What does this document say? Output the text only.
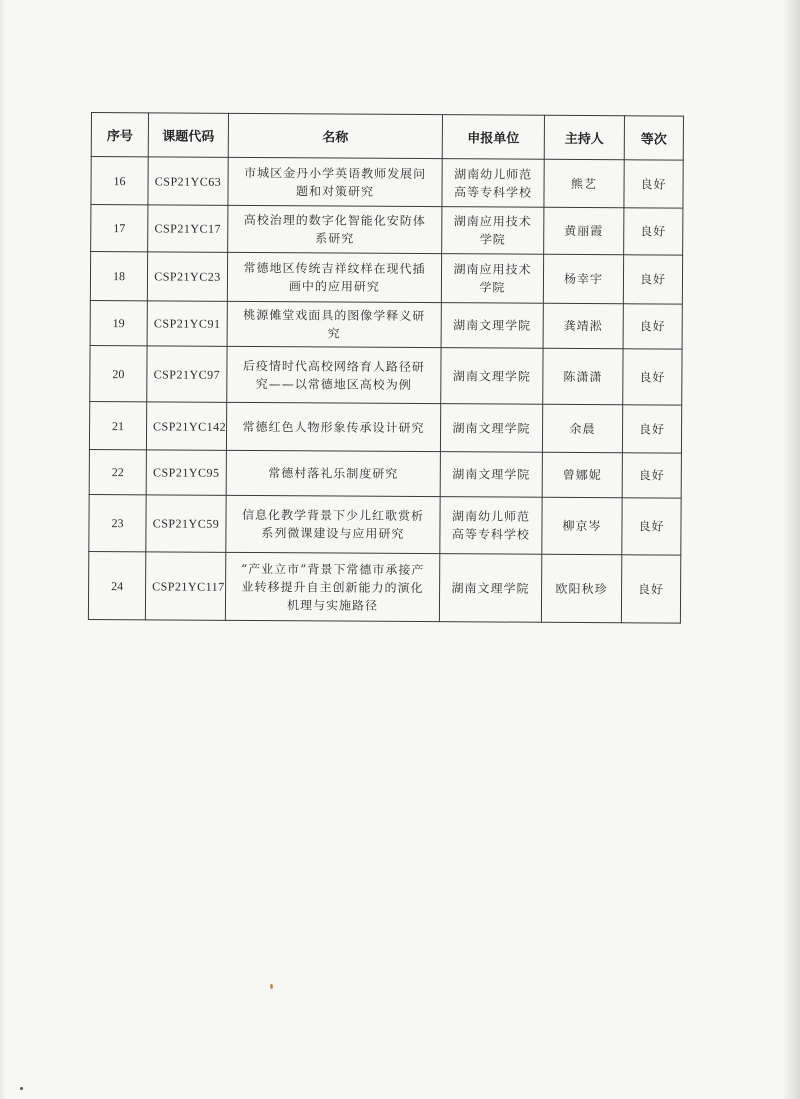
序号	课题代码	名称	申报单位	主持人	等次
16	CSP21YC63	市城区金丹小学英语教师发展问题和对策研究	湖南幼儿师范高等专科学校	熊艺	良好
17	CSP21YC17	高校治理的数字化智能化安防体系研究	湖南应用技术学院	黄丽霞	良好
18	CSP21YC23	常德地区传统吉祥纹样在现代插画中的应用研究	湖南应用技术学院	杨幸宇	良好
19	CSP21YC91	桃源傩堂戏面具的图像学释义研究	湖南文理学院	龚靖淞	良好
20	CSP21YC97	后疫情时代高校网络育人路径研究——以常德地区高校为例	湖南文理学院	陈潇潇	良好
21	CSP21YC142	常德红色人物形象传承设计研究	湖南文理学院	余晨	良好
22	CSP21YC95	常德村落礼乐制度研究	湖南文理学院	曾娜妮	良好
23	CSP21YC59	信息化教学背景下少儿红歌赏析系列微课建设与应用研究	湖南幼儿师范高等专科学校	柳京岑	良好
24	CSP21YC117	“产业立市”背景下常德市承接产业转移提升自主创新能力的演化机理与实施路径	湖南文理学院	欧阳秋珍	良好
